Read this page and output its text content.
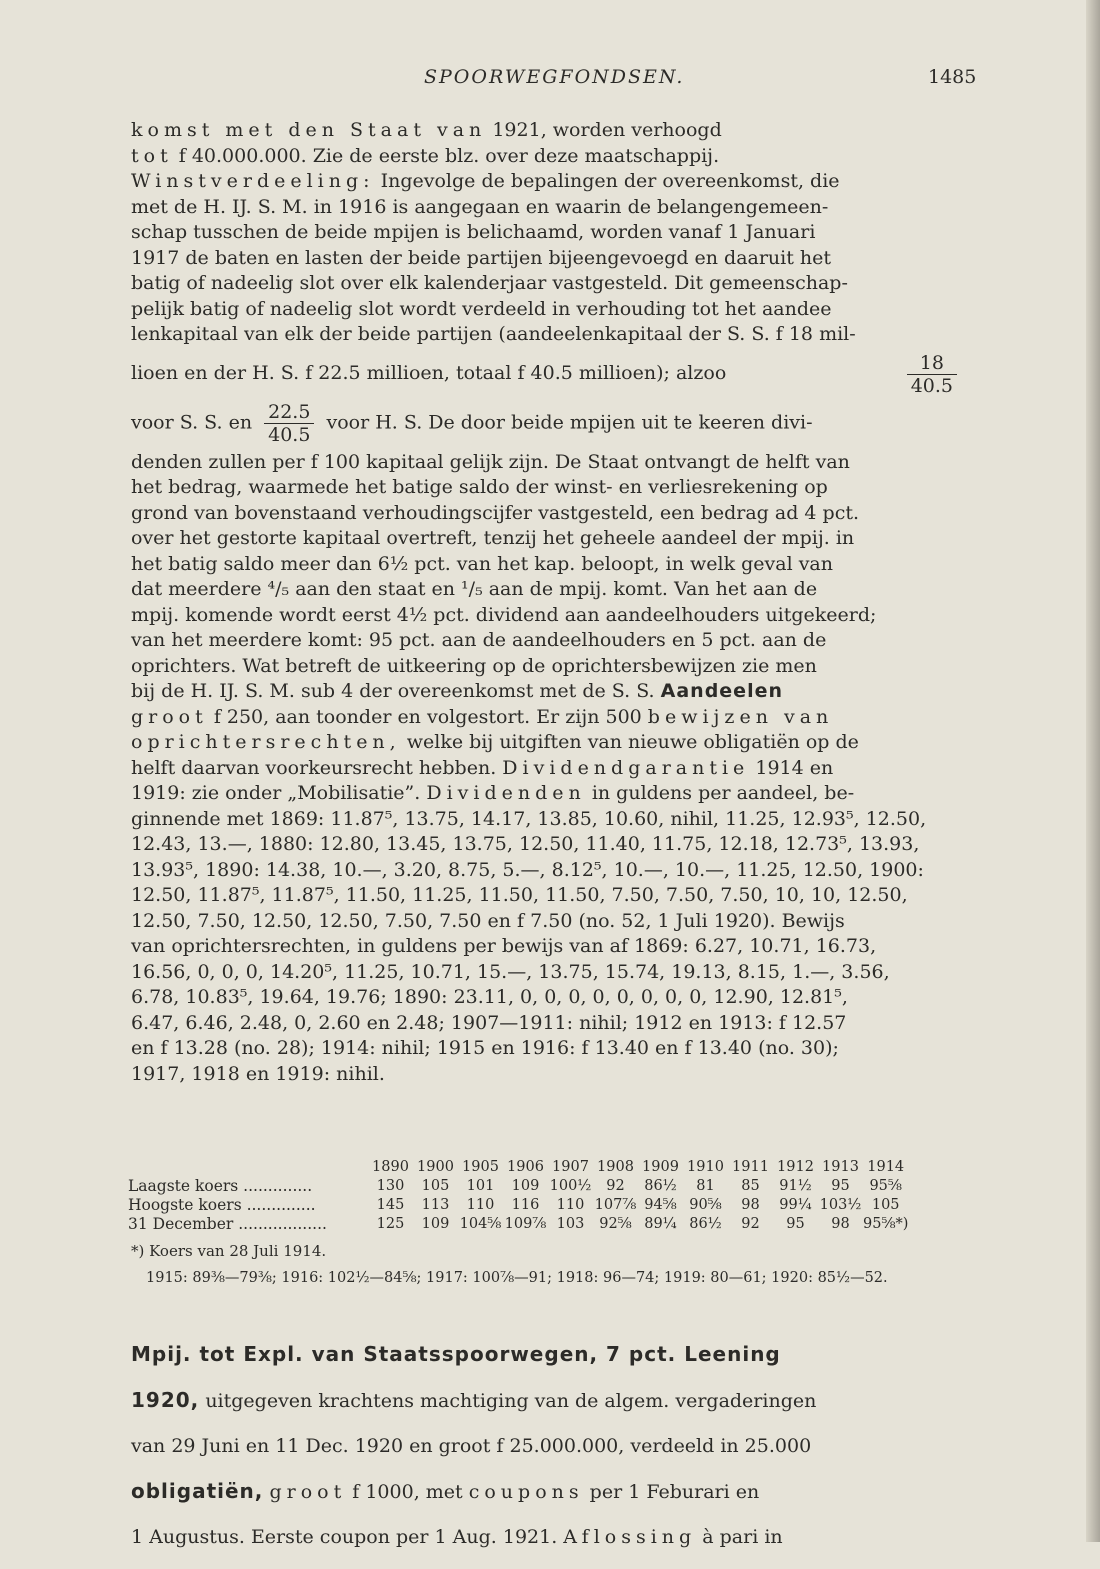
SPOORWEGFONDSEN.	1485

komst met den Staat van 1921, worden verhoogd

tot f 40.000.000. Zie de eerste blz. over deze maatschappij.

Winstverdeeling: Ingevolge de bepalingen der overeenkomst, die

met de H. IJ. S. M. in 1916 is aangegaan en waarin de belangengemeen-

schap tusschen de beide mpijen is belichaamd, worden vanaf 1 Januari

1917 de baten en lasten der beide partijen bijeengevoegd en daaruit het

batig of nadeelig slot over elk kalenderjaar vastgesteld. Dit gemeenschap-

pelijk batig of nadeelig slot wordt verdeeld in verhouding tot het aandee

lenkapitaal van elk der beide partijen (aandeelenkapitaal der S. S. f 18 mil-

lioen en der H. S. f 22.5 millioen, totaal f 40.5 millioen); alzoo	$\frac{18}{40.5}$
voor S. S. en $\frac{22.5}{40.5}$ voor H. S. De door beide mpijen uit te keeren divi-

denden zullen per f 100 kapitaal gelijk zijn. De Staat ontvangt de helft van

het bedrag, waarmede het batige saldo der winst- en verliesrekening op

grond van bovenstaand verhoudingscijfer vastgesteld, een bedrag ad 4 pct.

over het gestorte kapitaal overtreft, tenzij het geheele aandeel der mpij. in

het batig saldo meer dan 6½ pct. van het kap. beloopt, in welk geval van

dat meerdere ⁴/₅ aan den staat en ¹/₅ aan de mpij. komt. Van het aan de

mpij. komende wordt eerst 4½ pct. dividend aan aandeelhouders uitgekeerd;

van het meerdere komt: 95 pct. aan de aandeelhouders en 5 pct. aan de

oprichters. Wat betreft de uitkeering op de oprichtersbewijzen zie men

bij de H. IJ. S. M. sub 4 der overeenkomst met de S. S. Aandeelen

groot f 250, aan toonder en volgestort. Er zijn 500 bewijzen van

oprichtersrechten, welke bij uitgiften van nieuwe obligatiën op de

helft daarvan voorkeursrecht hebben. Dividendgarantie 1914 en

1919: zie onder „Mobilisatie”. Dividenden in guldens per aandeel, be-

ginnende met 1869: 11.87⁵, 13.75, 14.17, 13.85, 10.60, nihil, 11.25, 12.93⁵, 12.50,

12.43, 13.—, 1880: 12.80, 13.45, 13.75, 12.50, 11.40, 11.75, 12.18, 12.73⁵, 13.93,

13.93⁵, 1890: 14.38, 10.—, 3.20, 8.75, 5.—, 8.12⁵, 10.—, 10.—, 11.25, 12.50, 1900:

12.50, 11.87⁵, 11.87⁵, 11.50, 11.25, 11.50, 11.50, 7.50, 7.50, 7.50, 10, 10, 12.50,

12.50, 7.50, 12.50, 12.50, 7.50, 7.50 en f 7.50 (no. 52, 1 Juli 1920). Bewijs

van oprichtersrechten, in guldens per bewijs van af 1869: 6.27, 10.71, 16.73,

16.56, 0, 0, 0, 14.20⁵, 11.25, 10.71, 15.—, 13.75, 15.74, 19.13, 8.15, 1.—, 3.56,

6.78, 10.83⁵, 19.64, 19.76; 1890: 23.11, 0, 0, 0, 0, 0, 0, 0, 0, 12.90, 12.81⁵,

6.47, 6.46, 2.48, 0, 2.60 en 2.48; 1907—1911: nihil; 1912 en 1913: f 12.57

en f 13.28 (no. 28); 1914: nihil; 1915 en 1916: f 13.40 en f 13.40 (no. 30);

1917, 1918 en 1919: nihil.

	1890	1900	1905	1906	1907	1908	1909	1910	1911	1912	1913	1914
Laagste koers ..............	130	105	101	109	100½	92	86½	81	85	91½	95	95⅝
Hoogste koers ..............	145	113	110	116	110	107⅞	94⅝	90⅝	98	99¼	103½	105
31 December ..................	125	109	104⅝	109⅞	103	92⅝	89¼	86½	92	95	98	95⅝*)
*) Koers van 28 Juli 1914.
1915: 89⅜—79⅜; 1916: 102½—84⅝; 1917: 100⅞—91; 1918: 96—74; 1919: 80—61; 1920: 85½—52.

Mpij. tot Expl. van Staatsspoorwegen, 7 pct. Leening

1920, uitgegeven krachtens machtiging van de algem. vergaderingen

van 29 Juni en 11 Dec. 1920 en groot f 25.000.000, verdeeld in 25.000

obligatiën, groot f 1000, met coupons per 1 Feburari en

1 Augustus. Eerste coupon per 1 Aug. 1921. Aflossing à pari in
